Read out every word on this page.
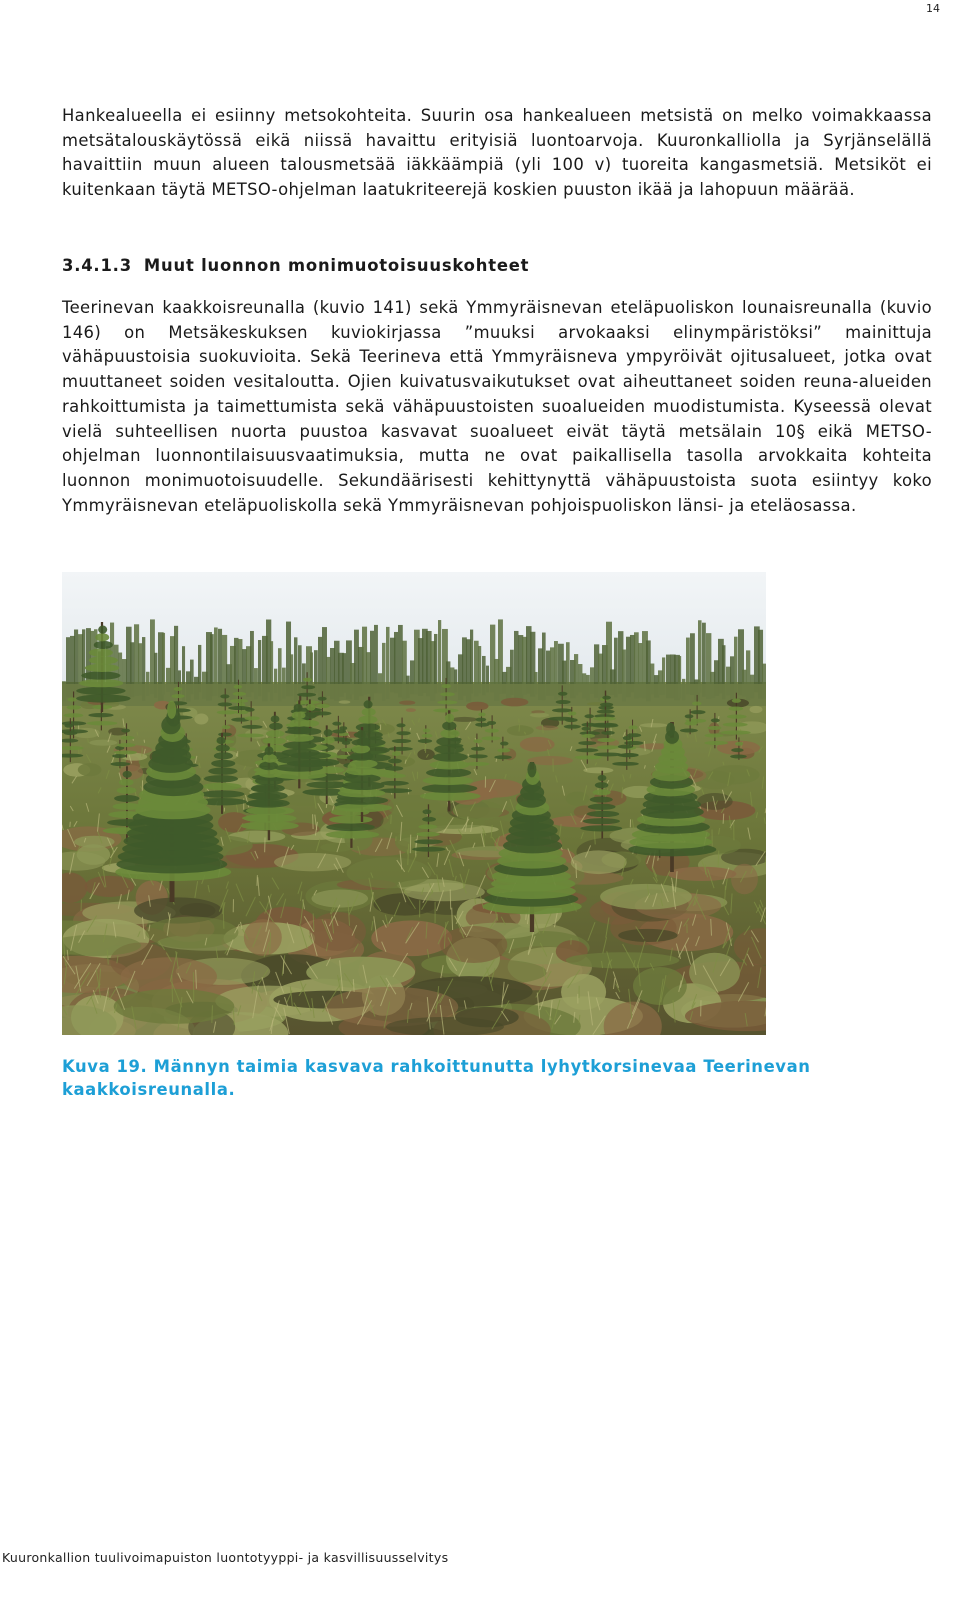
14

Hankealueella ei esiinny metsokohteita. Suurin osa hankealueen metsistä on melko voimakkaassa metsätalouskäytössä eikä niissä havaittu erityisiä luontoarvoja. Kuuronkalliolla ja Syrjänselällä havaittiin muun alueen talousmetsää iäkkäämpiä (yli 100 v) tuoreita kangasmetsiä. Metsiköt ei kuitenkaan täytä METSO-ohjelman laatukriteerejä koskien puuston ikää ja lahopuun määrää.

3.4.1.3 Muut luonnon monimuotoisuuskohteet

Teerinevan kaakkoisreunalla (kuvio 141) sekä Ymmyräisnevan eteläpuoliskon lounaisreunalla (kuvio 146) on Metsäkeskuksen kuviokirjassa ”muuksi arvokaaksi elinympäristöksi” mainittuja vähäpuustoisia suokuvioita. Sekä Teerineva että Ymmyräisneva ympyröivät ojitusalueet, jotka ovat muuttaneet soiden vesitaloutta. Ojien kuivatusvaikutukset ovat aiheuttaneet soiden reuna-alueiden rahkoittumista ja taimettumista sekä vähäpuustoisten suoalueiden muodistumista. Kyseessä olevat vielä suhteellisen nuorta puustoa kasvavat suoalueet eivät täytä metsälain 10§ eikä METSO-ohjelman luonnontilaisuusvaatimuksia, mutta ne ovat paikallisella tasolla arvokkaita kohteita luonnon monimuotoisuudelle. Sekundäärisesti kehittynyttä vähäpuustoista suota esiintyy koko Ymmyräisnevan eteläpuoliskolla sekä Ymmyräisnevan pohjoispuoliskon länsi- ja eteläosassa.

Kuva 19. Männyn taimia kasvava rahkoittunutta lyhytkorsinevaa Teerinevan kaakkoisreunalla.

Kuuronkallion tuulivoimapuiston luontotyyppi- ja kasvillisuusselvitys
